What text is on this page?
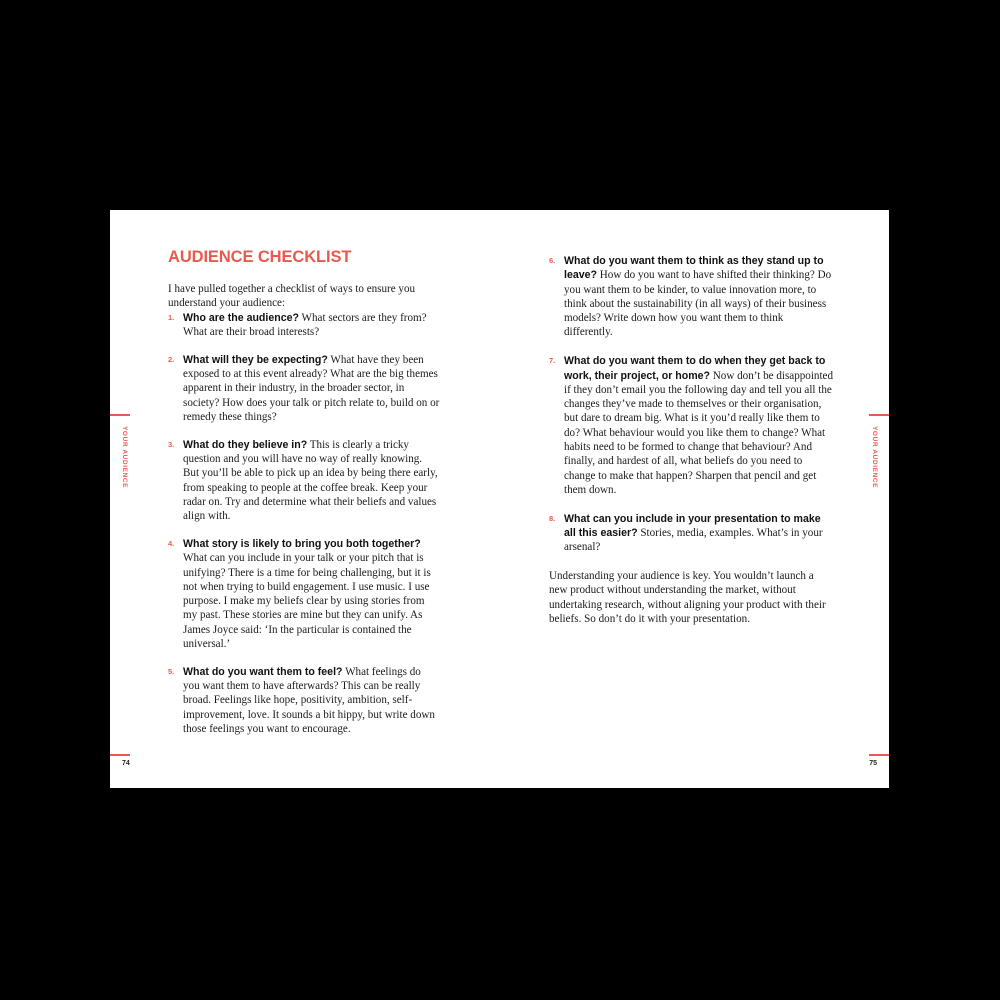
YOUR AUDIENCE
AUDIENCE CHECKLIST

I have pulled together a checklist of ways to ensure you understand your audience:

1. Who are the audience? What sectors are they from? What are their broad interests?
2. What will they be expecting? What have they been exposed to at this event already? What are the big themes apparent in their industry, in the broader sector, in society? How does your talk or pitch relate to, build on or remedy these things?
3. What do they believe in? This is clearly a tricky question and you will have no way of really knowing. But you’ll be able to pick up an idea by being there early, from speaking to people at the coffee break. Keep your radar on. Try and determine what their beliefs and values align with.
4. What story is likely to bring you both together? What can you include in your talk or your pitch that is unifying? There is a time for being challenging, but it is not when trying to build engagement. I use music. I use purpose. I make my beliefs clear by using stories from my past. These stories are mine but they can unify. As James Joyce said: ‘In the particular is contained the universal.’
5. What do you want them to feel? What feelings do you want them to have afterwards? This can be really broad. Feelings like hope, positivity, ambition, self-improvement, love. It sounds a bit hippy, but write down those feelings you want to encourage.
74
YOUR AUDIENCE
6. What do you want them to think as they stand up to leave? How do you want to have shifted their thinking? Do you want them to be kinder, to value innovation more, to think about the sustainability (in all ways) of their business models? Write down how you want them to think differently.
7. What do you want them to do when they get back to work, their project, or home? Now don’t be disappointed if they don’t email you the following day and tell you all the changes they’ve made to themselves or their organisation, but dare to dream big. What is it you’d really like them to do? What behaviour would you like them to change? What habits need to be formed to change that behaviour? And finally, and hardest of all, what beliefs do you need to change to make that happen? Sharpen that pencil and get them down.
8. What can you include in your presentation to make all this easier? Stories, media, examples. What’s in your arsenal?

Understanding your audience is key. You wouldn’t launch a new product without understanding the market, without undertaking research, without aligning your product with their beliefs. So don’t do it with your presentation.

75
